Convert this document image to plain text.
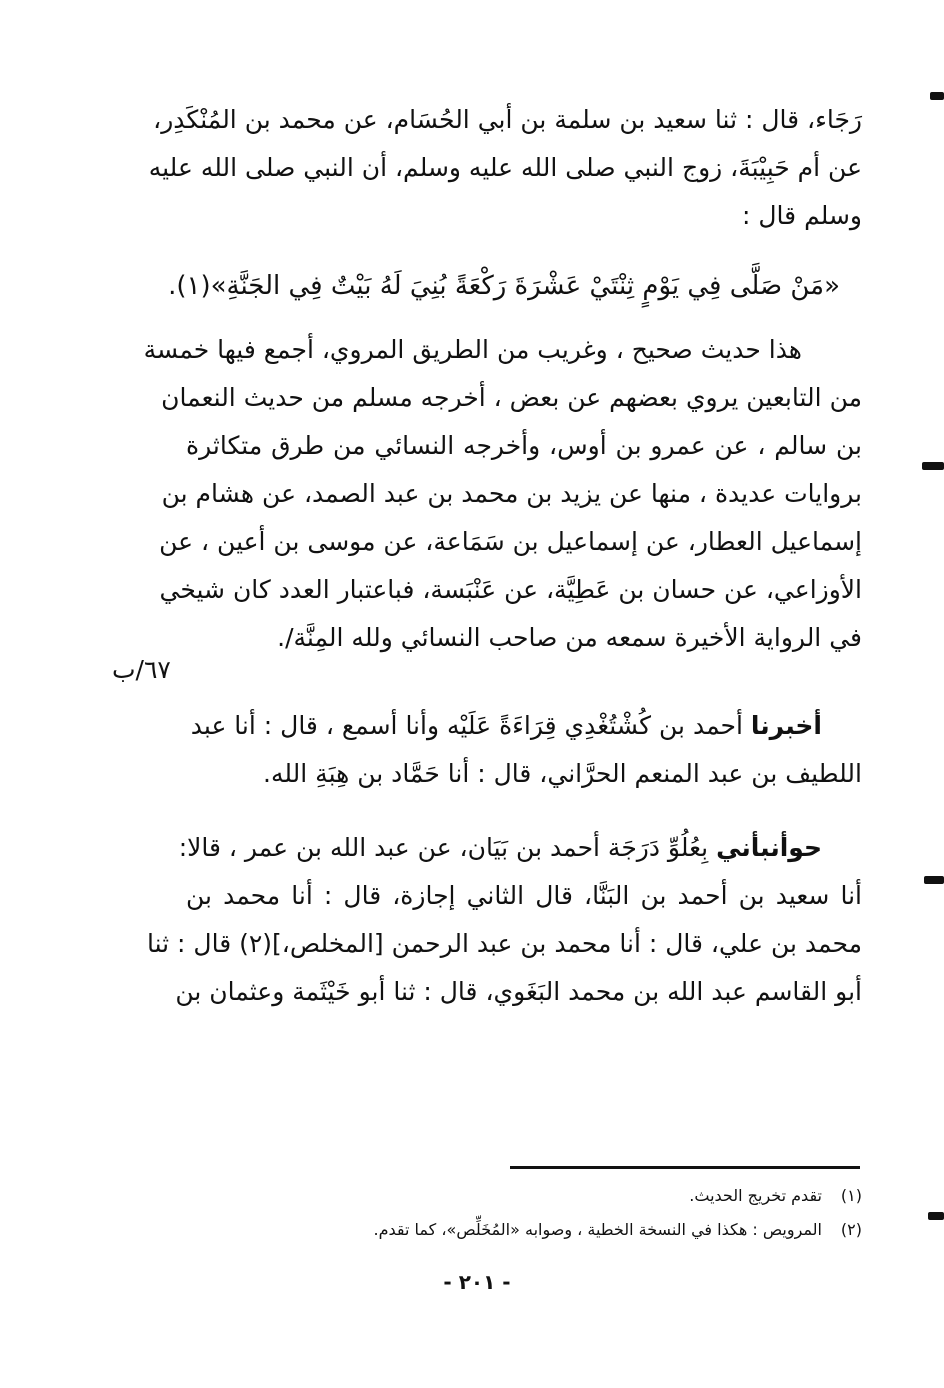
رَجَاء، قال : ثنا سعيد بن سلمة بن أبي الحُسَام، عن محمد بن المُنْكَدِر،
عن أم حَبِيْبَةَ، زوج النبي صلى الله عليه وسلم، أن النبي صلى الله عليه
وسلم قال :
«مَنْ صَلَّى فِي يَوْمٍ ثِنْتَيْ عَشْرَةَ رَكْعَةً بُنِيَ لَهُ بَيْتٌ فِي الجَنَّةِ»(١).
هذا حديث صحيح ، وغريب من الطريق المروي، أجمع فيها خمسة
من التابعين يروي بعضهم عن بعض ، أخرجه مسلم من حديث النعمان
بن سالم ، عن عمرو بن أوس، وأخرجه النسائي من طرق متكاثرة
بروايات عديدة ، منها عن يزيد بن محمد بن عبد الصمد، عن هشام بن
إسماعيل العطار، عن إسماعيل بن سَمَاعة، عن موسى بن أعين ، عن
الأوزاعي، عن حسان بن عَطِيَّة، عن عَنْبَسة، فباعتبار العدد كان شيخي
في الرواية الأخيرة سمعه من صاحب النسائي ولله المِنَّة/.
٦٧/ب
أخبرنا أحمد بن كُشْتُغْدِي قِرَاءَةً عَلَيْه وأنا أسمع ، قال : أنا عبد
اللطيف بن عبد المنعم الحرَّاني، قال : أنا حَمَّاد بن هِبَةِ الله.
حوأنبأني بِعُلُوِّ دَرَجَة أحمد بن بَيَان، عن عبد الله بن عمر ، قالا:
أنا سعيد بن أحمد بن البَنَّا، قال الثاني إجازة، قال : أنا محمد بن
محمد بن علي، قال : أنا محمد بن عبد الرحمن [المخلص،](٢) قال : ثنا
أبو القاسم عبد الله بن محمد البَغَوي، قال : ثنا أبو خَيْثَمة وعثمان بن
(١)تقدم تخريج الحديث.
(٢)المرويص : هكذا في النسخة الخطية ، وصوابه «المُخَلِّص»، كما تقدم.
- ٢٠١ -
